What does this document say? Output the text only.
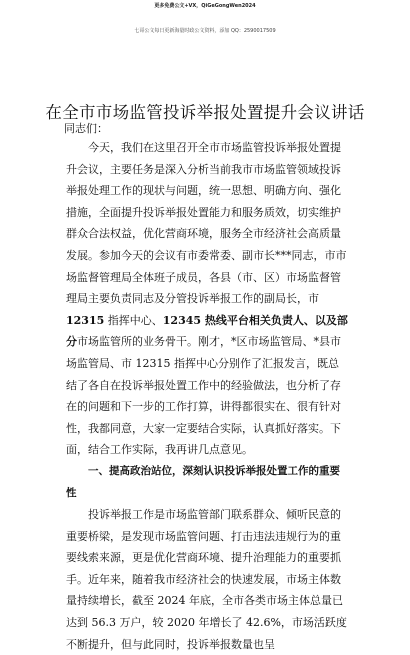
更多免费公文+VX，QiGeGongWen2024
七哥公文每日更新海量时政公文资料，添加 QQ：2590017509
在全市市场监管投诉举报处置提升会议讲话
同志们：

今天，我们在这里召开全市市场监管投诉举报处置提升会议，主要任务是深入分析当前我市市场监管领域投诉举报处理工作的现状与问题，统一思想、明确方向、强化措施，全面提升投诉举报处置能力和服务质效，切实维护群众合法权益，优化营商环境，服务全市经济社会高质量发展。参加今天的会议有市委常委、副市长***同志，市市场监督管理局全体班子成员，各县（市、区）市场监督管理局主要负责同志及分管投诉举报工作的副局长，市 12315 指挥中心、12345 热线平台相关负责人、以及部分市场监管所的业务骨干。刚才，*区市场监管局、*县市场监管局、市 12315 指挥中心分别作了汇报发言，既总结了各自在投诉举报处置工作中的经验做法，也分析了存在的问题和下一步的工作打算，讲得都很实在、很有针对性，我都同意，大家一定要结合实际，认真抓好落实。下面，结合工作实际，我再讲几点意见。

一、提高政治站位，深刻认识投诉举报处置工作的重要性

投诉举报工作是市场监管部门联系群众、倾听民意的重要桥梁，是发现市场监管问题、打击违法违规行为的重要线索来源，更是优化营商环境、提升治理能力的重要抓手。近年来，随着我市经济社会的快速发展，市场主体数量持续增长，截至 2024 年底，全市各类市场主体总量已达到 56.3 万户，较 2020 年增长了 42.6%，市场活跃度不断提升，但与此同时，投诉举报数量也呈
